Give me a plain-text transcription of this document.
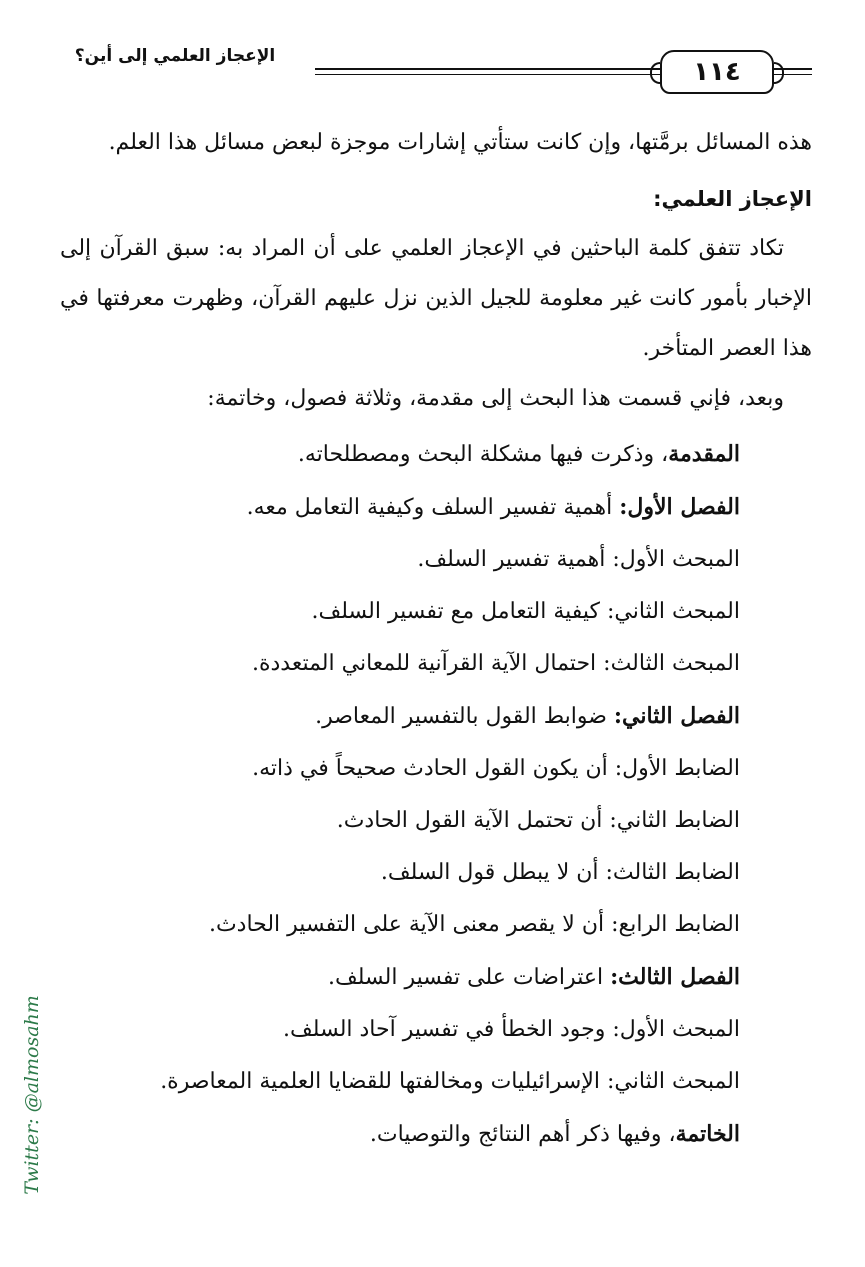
الإعجاز العلمي إلى أين؟
١١٤

هذه المسائل برمَّتها، وإن كانت ستأتي إشارات موجزة لبعض مسائل هذا العلم.

الإعجاز العلمي:

تكاد تتفق كلمة الباحثين في الإعجاز العلمي على أن المراد به: سبق القرآن إلى الإخبار بأمور كانت غير معلومة للجيل الذين نزل عليهم القرآن، وظهرت معرفتها في هذا العصر المتأخر.

وبعد، فإني قسمت هذا البحث إلى مقدمة، وثلاثة فصول، وخاتمة:

المقدمة، وذكرت فيها مشكلة البحث ومصطلحاته.

الفصل الأول: أهمية تفسير السلف وكيفية التعامل معه.

المبحث الأول: أهمية تفسير السلف.

المبحث الثاني: كيفية التعامل مع تفسير السلف.

المبحث الثالث: احتمال الآية القرآنية للمعاني المتعددة.

الفصل الثاني: ضوابط القول بالتفسير المعاصر.

الضابط الأول: أن يكون القول الحادث صحيحاً في ذاته.

الضابط الثاني: أن تحتمل الآية القول الحادث.

الضابط الثالث: أن لا يبطل قول السلف.

الضابط الرابع: أن لا يقصر معنى الآية على التفسير الحادث.

الفصل الثالث: اعتراضات على تفسير السلف.

المبحث الأول: وجود الخطأ في تفسير آحاد السلف.

المبحث الثاني: الإسرائيليات ومخالفتها للقضايا العلمية المعاصرة.

الخاتمة، وفيها ذكر أهم النتائج والتوصيات.

Twitter: @almosahm
